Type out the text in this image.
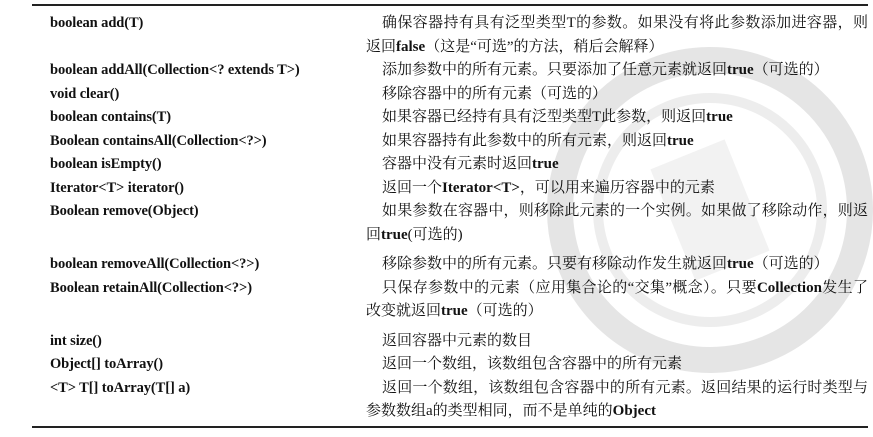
boolean add(T)	确保容器持有具有泛型类型T的参数。如果没有将此参数添加进容器，则返回false（这是“可选”的方法，稍后会解释）
boolean addAll(Collection<? extends T>)	添加参数中的所有元素。只要添加了任意元素就返回true（可选的）
void clear()	移除容器中的所有元素（可选的）
boolean contains(T)	如果容器已经持有具有泛型类型T此参数，则返回true
Boolean containsAll(Collection<?>)	如果容器持有此参数中的所有元素，则返回true
boolean isEmpty()	容器中没有元素时返回true
Iterator<T> iterator()	返回一个Iterator<T>，可以用来遍历容器中的元素
Boolean remove(Object)	如果参数在容器中，则移除此元素的一个实例。如果做了移除动作，则返回true(可选的)
boolean removeAll(Collection<?>)	移除参数中的所有元素。只要有移除动作发生就返回true（可选的）
Boolean retainAll(Collection<?>)	只保存参数中的元素（应用集合论的“交集”概念）。只要Collection发生了改变就返回true（可选的）
int size()	返回容器中元素的数目
Object[] toArray()	返回一个数组，该数组包含容器中的所有元素
<T> T[] toArray(T[] a)	返回一个数组，该数组包含容器中的所有元素。返回结果的运行时类型与参数数组a的类型相同，而不是单纯的Object
